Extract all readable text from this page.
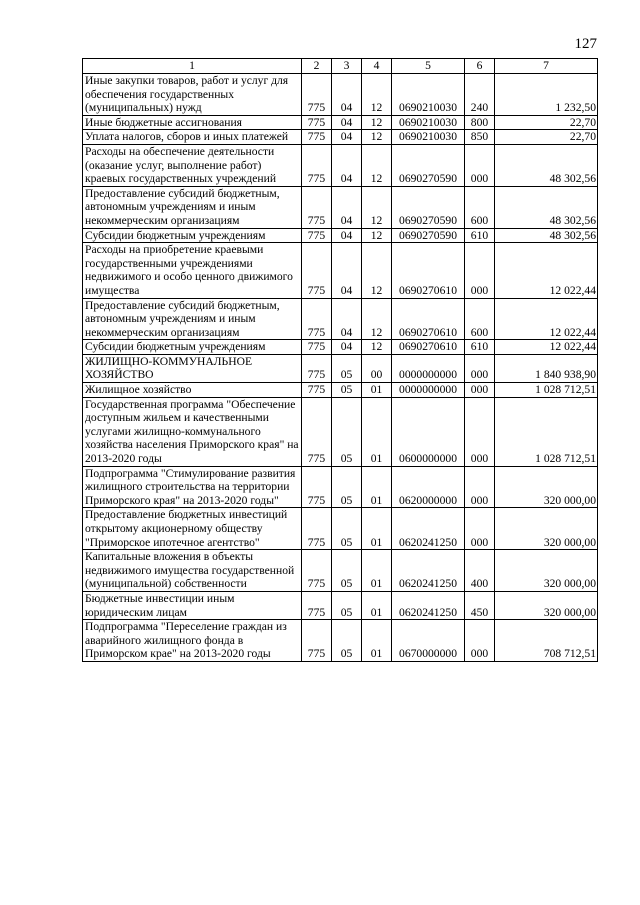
127
1	2	3	4	5	6	7
Иные закупки товаров, работ и услуг для обеспечения государственных (муниципальных) нужд	775	04	12	0690210030	240	1 232,50
Иные бюджетные ассигнования	775	04	12	0690210030	800	22,70
Уплата налогов, сборов и иных платежей	775	04	12	0690210030	850	22,70
Расходы на обеспечение деятельности (оказание услуг, выполнение работ) краевых государственных учреждений	775	04	12	0690270590	000	48 302,56
Предоставление субсидий бюджетным, автономным учреждениям и иным некоммерческим организациям	775	04	12	0690270590	600	48 302,56
Субсидии бюджетным учреждениям	775	04	12	0690270590	610	48 302,56
Расходы на приобретение краевыми государственными учреждениями недвижимого и особо ценного движимого имущества	775	04	12	0690270610	000	12 022,44
Предоставление субсидий бюджетным, автономным учреждениям и иным некоммерческим организациям	775	04	12	0690270610	600	12 022,44
Субсидии бюджетным учреждениям	775	04	12	0690270610	610	12 022,44
ЖИЛИЩНО-КОММУНАЛЬНОЕ ХОЗЯЙСТВО	775	05	00	0000000000	000	1 840 938,90
Жилищное хозяйство	775	05	01	0000000000	000	1 028 712,51
Государственная программа "Обеспечение доступным жильем и качественными услугами жилищно-коммунального хозяйства населения Приморского края" на 2013-2020 годы	775	05	01	0600000000	000	1 028 712,51
Подпрограмма "Стимулирование развития жилищного строительства на территории Приморского края" на 2013-2020 годы"	775	05	01	0620000000	000	320 000,00
Предоставление бюджетных инвестиций открытому акционерному обществу "Приморское ипотечное агентство"	775	05	01	0620241250	000	320 000,00
Капитальные вложения в объекты недвижимого имущества государственной (муниципальной) собственности	775	05	01	0620241250	400	320 000,00
Бюджетные инвестиции иным юридическим лицам	775	05	01	0620241250	450	320 000,00
Подпрограмма "Переселение граждан из аварийного жилищного фонда в Приморском крае" на 2013-2020 годы	775	05	01	0670000000	000	708 712,51
